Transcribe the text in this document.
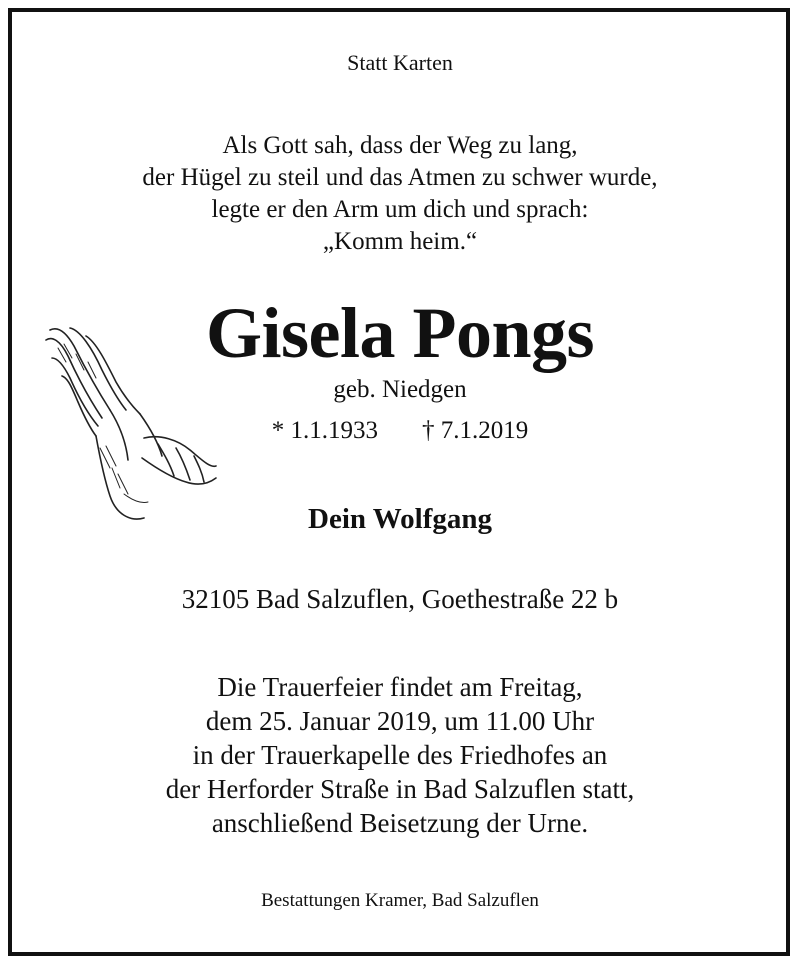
Statt Karten
Als Gott sah, dass der Weg zu lang,
der Hügel zu steil und das Atmen zu schwer wurde,
legte er den Arm um dich und sprach:
„Komm heim.“
Gisela Pongs
geb. Niedgen
* 1.1.1933 † 7.1.2019
Dein Wolfgang
32105 Bad Salzuflen, Goethestraße 22 b
Die Trauerfeier findet am Freitag,
dem 25. Januar 2019, um 11.00 Uhr
in der Trauerkapelle des Friedhofes an
der Herforder Straße in Bad Salzuflen statt,
anschließend Beisetzung der Urne.
Bestattungen Kramer, Bad Salzuflen
